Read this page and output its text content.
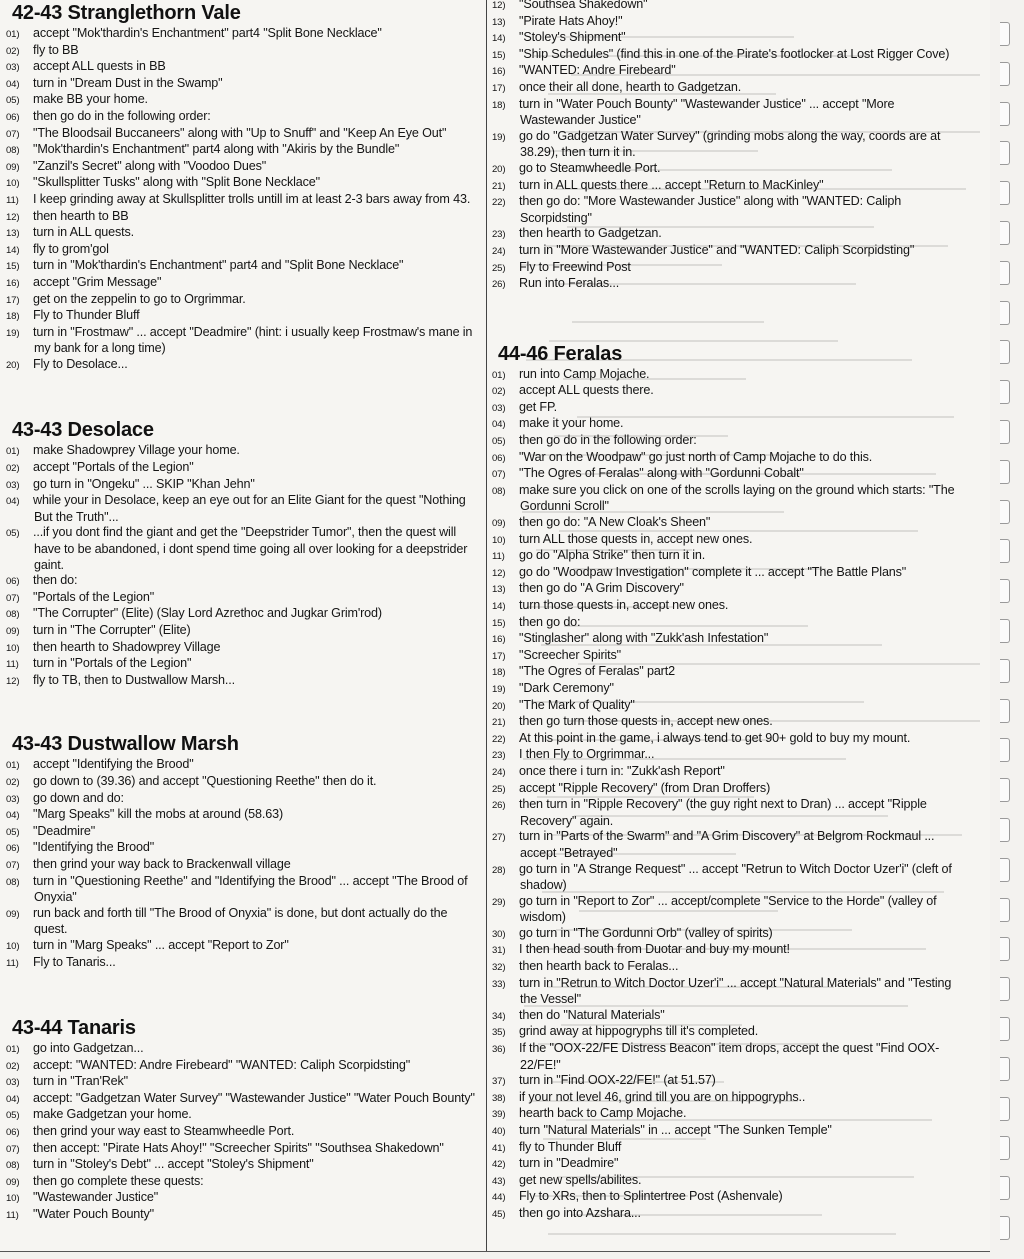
42-43 Stranglethorn Vale
01) accept "Mok'thardin's Enchantment" part4 "Split Bone Necklace"
02) fly to BB
03) accept ALL quests in BB
04) turn in "Dream Dust in the Swamp"
05) make BB your home.
06) then go do in the following order:
07) "The Bloodsail Buccaneers" along with "Up to Snuff" and "Keep An Eye Out"
08) "Mok'thardin's Enchantment" part4 along with "Akiris by the Bundle"
09) "Zanzil's Secret" along with "Voodoo Dues"
10) "Skullsplitter Tusks" along with "Split Bone Necklace"
11) I keep grinding away at Skullsplitter trolls untill im at least 2-3 bars away from 43.
12) then hearth to BB
13) turn in ALL quests.
14) fly to grom'gol
15) turn in "Mok'thardin's Enchantment" part4 and "Split Bone Necklace"
16) accept "Grim Message"
17) get on the zeppelin to go to Orgrimmar.
18) Fly to Thunder Bluff
19) turn in "Frostmaw" ... accept "Deadmire" (hint: i usually keep Frostmaw's mane in my bank for a long time)
20) Fly to Desolace...
43-43 Desolace
01) make Shadowprey Village your home.
02) accept "Portals of the Legion"
03) go turn in "Ongeku" ... SKIP "Khan Jehn"
04) while your in Desolace, keep an eye out for an Elite Giant for the quest "Nothing But the Truth"...
05) ...if you dont find the giant and get the "Deepstrider Tumor", then the quest will have to be abandoned, i dont spend time going all over looking for a deepstrider gaint.
06) then do:
07) "Portals of the Legion"
08) "The Corrupter" (Elite) (Slay Lord Azrethoc and Jugkar Grim'rod)
09) turn in "The Corrupter" (Elite)
10) then hearth to Shadowprey Village
11) turn in "Portals of the Legion"
12) fly to TB, then to Dustwallow Marsh...
43-43 Dustwallow Marsh
01) accept "Identifying the Brood"
02) go down to (39.36) and accept "Questioning Reethe" then do it.
03) go down and do:
04) "Marg Speaks" kill the mobs at around (58.63)
05) "Deadmire"
06) "Identifying the Brood"
07) then grind your way back to Brackenwall village
08) turn in "Questioning Reethe" and "Identifying the Brood" ... accept "The Brood of Onyxia"
09) run back and forth till "The Brood of Onyxia" is done, but dont actually do the quest.
10) turn in "Marg Speaks" ... accept "Report to Zor"
11) Fly to Tanaris...
43-44 Tanaris
01) go into Gadgetzan...
02) accept: "WANTED: Andre Firebeard" "WANTED: Caliph Scorpidsting"
03) turn in "Tran'Rek"
04) accept: "Gadgetzan Water Survey" "Wastewander Justice" "Water Pouch Bounty"
05) make Gadgetzan your home.
06) then grind your way east to Steamwheedle Port.
07) then accept: "Pirate Hats Ahoy!" "Screecher Spirits" "Southsea Shakedown"
08) turn in "Stoley's Debt" ... accept "Stoley's Shipment"
09) then go complete these quests:
10) "Wastewander Justice"
11) "Water Pouch Bounty"
12) "Southsea Shakedown"
13) "Pirate Hats Ahoy!"
14) "Stoley's Shipment"
15) "Ship Schedules" (find this in one of the Pirate's footlocker at Lost Rigger Cove)
16) "WANTED: Andre Firebeard"
17) once their all done, hearth to Gadgetzan.
18) turn in "Water Pouch Bounty" "Wastewander Justice" ... accept "More Wastewander Justice"
19) go do "Gadgetzan Water Survey" (grinding mobs along the way, coords are at 38.29), then turn it in.
20) go to Steamwheedle Port.
21) turn in ALL quests there ... accept "Return to MacKinley"
22) then go do: "More Wastewander Justice" along with "WANTED: Caliph Scorpidsting"
23) then hearth to Gadgetzan.
24) turn in "More Wastewander Justice" and "WANTED: Caliph Scorpidsting"
25) Fly to Freewind Post
26) Run into Feralas...
44-46 Feralas
01) run into Camp Mojache.
02) accept ALL quests there.
03) get FP.
04) make it your home.
05) then go do in the following order:
06) "War on the Woodpaw" go just north of Camp Mojache to do this.
07) "The Ogres of Feralas" along with "Gordunni Cobalt"
08) make sure you click on one of the scrolls laying on the ground which starts: "The Gordunni Scroll"
09) then go do: "A New Cloak's Sheen"
10) turn ALL those quests in, accept new ones.
11) go do "Alpha Strike" then turn it in.
12) go do "Woodpaw Investigation" complete it ... accept "The Battle Plans"
13) then go do "A Grim Discovery"
14) turn those quests in, accept new ones.
15) then go do:
16) "Stinglasher" along with "Zukk'ash Infestation"
17) "Screecher Spirits"
18) "The Ogres of Feralas" part2
19) "Dark Ceremony"
20) "The Mark of Quality"
21) then go turn those quests in, accept new ones.
22) At this point in the game, i always tend to get 90+ gold to buy my mount.
23) I then Fly to Orgrimmar...
24) once there i turn in: "Zukk'ash Report"
25) accept "Ripple Recovery" (from Dran Droffers)
26) then turn in "Ripple Recovery" (the guy right next to Dran) ... accept "Ripple Recovery" again.
27) turn in "Parts of the Swarm" and "A Grim Discovery" at Belgrom Rockmaul ... accept "Betrayed"
28) go turn in "A Strange Request" ... accept "Retrun to Witch Doctor Uzer'i" (cleft of shadow)
29) go turn in "Report to Zor" ... accept/complete "Service to the Horde" (valley of wisdom)
30) go turn in "The Gordunni Orb" (valley of spirits)
31) I then head south from Duotar and buy my mount!
32) then hearth back to Feralas...
33) turn in "Retrun to Witch Doctor Uzer'i" ... accept "Natural Materials" and "Testing the Vessel"
34) then do "Natural Materials"
35) grind away at hippogryphs till it's completed.
36) If the "OOX-22/FE Distress Beacon" item drops, accept the quest "Find OOX-22/FE!"
37) turn in "Find OOX-22/FE!" (at 51.57)
38) if your not level 46, grind till you are on hippogryphs..
39) hearth back to Camp Mojache.
40) turn "Natural Materials" in ... accept "The Sunken Temple"
41) fly to Thunder Bluff
42) turn in "Deadmire"
43) get new spells/abilites.
44) Fly to XRs, then to Splintertree Post (Ashenvale)
45) then go into Azshara...
